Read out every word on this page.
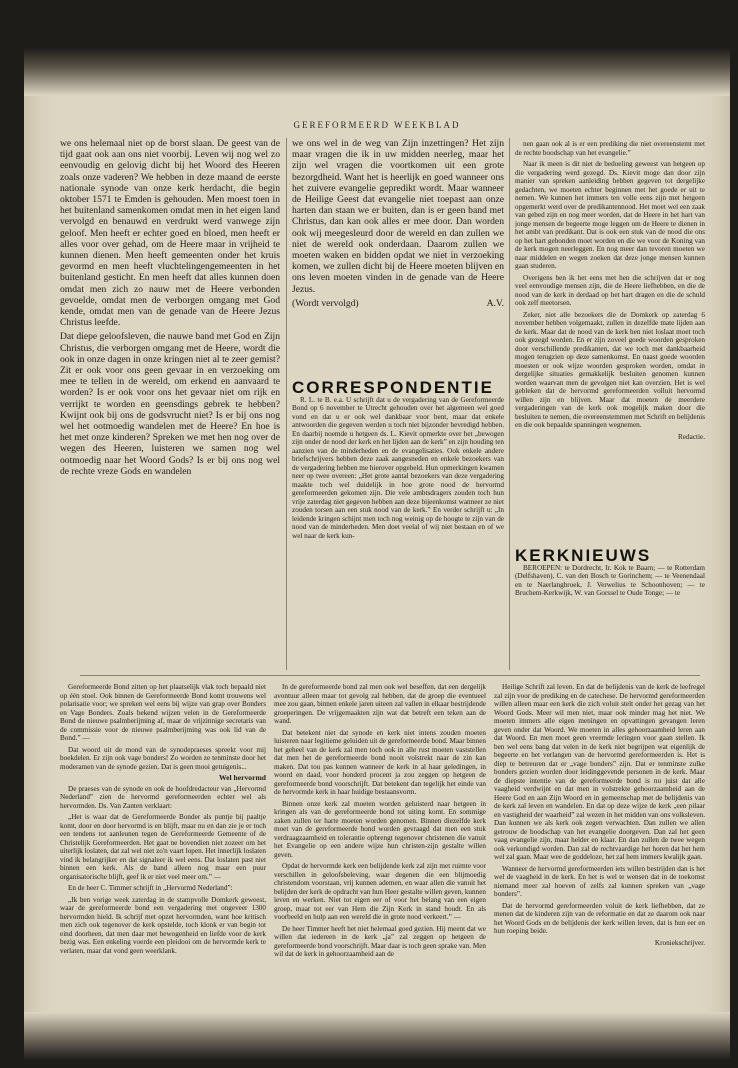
GEREFORMEERD WEEKBLAD

we ons helemaal niet op de borst slaan. De geest van de tijd gaat ook aan ons niet voorbij. Leven wij nog wel zo eenvoudig en gelovig dicht bij het Woord des Heeren zoals onze vaderen? We hebben in deze maand de eerste nationale synode van onze kerk herdacht, die begin oktober 1571 te Emden is gehouden. Men moest toen in het buitenland samenkomen omdat men in het eigen land vervolgd en benauwd en verdrukt werd vanwege zijn geloof. Men heeft er echter goed en bloed, men heeft er alles voor over gehad, om de Heere maar in vrijheid te kunnen dienen. Men heeft gemeenten onder het kruis gevormd en men heeft vluchtelingengemeenten in het buitenland gesticht. En men heeft dat alles kunnen doen omdat men zich zo nauw met de Heere verbonden gevoelde, omdat men de verborgen omgang met God kende, omdat men van de genade van de Heere Jezus Christus leefde.

Dat diepe geloofsleven, die nauwe band met God en Zijn Christus, die verborgen omgang met de Heere, wordt die ook in onze dagen in onze kringen niet al te zeer gemist? Zit er ook voor ons geen gevaar in en verzoeking om mee te tellen in de wereld, om erkend en aanvaard te worden? Is er ook voor ons het gevaar niet om rijk en verrijkt te worden en geensdings gebrek te hebben? Kwijnt ook bij ons de godsvrucht niet? Is er bij ons nog wel het ootmoedig wandelen met de Heere? En hoe is het met onze kinderen? Spreken we met hen nog over de wegen des Heeren, luisteren we samen nog wel ootmoedig naar het Woord Gods? Is er bij ons nog wel de rechte vreze Gods en wandelen

we ons wel in de weg van Zijn inzettingen? Het zijn maar vragen die ik in uw midden neerleg, maar het zijn wel vragen die voortkomen uit een grote bezorgdheid. Want het is heerlijk en goed wanneer ons het zuivere evangelie gepredikt wordt. Maar wanneer de Heilige Geest dat evangelie niet toepast aan onze harten dan staan we er buiten, dan is er geen band met Christus, dan kan ook alles er mee door. Dan worden ook wij meegesleurd door de wereld en dan zullen we niet de wereld ook onderdaan. Daarom zullen we moeten waken en bidden opdat we niet in verzoeking komen, we zullen dicht bij de Heere moeten blijven en ons leven moeten vinden in de genade van de Heere Jezus.

(Wordt vervolgd)	A.V.

CORRESPONDENTIE

R. L. te B. e.a. U schrijft dat u de vergadering van de Gereformeerde Bond op 6 november te Utrecht gehouden over het algemeen wel goed vond en dat u er ook wel dankbaar voor bent, maar dat enkele antwoorden die gegeven werden u toch niet bijzonder bevredigd hebben. En daarbij noemde u hetgeen ds. L. Kievit opmerkte over het „bewogen zijn onder de nood der kerk en het lijden aan de kerk” en zijn houding ten aanzien van de minderheden en de evangelisaties. Ook enkele andere briefschrijvers hebben deze zaak aangesneden en enkele bezoekers van de vergadering hebben me hierover opgebeld. Hun opmerkingen kwamen neer op twee overeen: „Het grote aantal bezoekers van deze vergadering maakte toch wel duidelijk in hoe grote nood de hervormd gereformeerden gekomen zijn. Die vele ambtsdragers zouden toch hun vrije zaterdag niet gegeven hebben aan deze bijeenkomst wanneer ze niet zouden torsen aan een stuk nood van de kerk.” En verder schrijft u: „In leidende kringen schijnt men toch nog weinig op de hoogte te zijn van de nood van de minderheden. Men doet veelal of wij niet bestaan en of we wel naar de kerk kun-

nen gaan ook al is er een prediking die niet overeenstemt met de rechte boodschap van het evangelie.”

Naar ik meen is dit niet de bedoeling geweest van hetgeen op die vergadering werd gezegd. Ds. Kievit moge dan door zijn manier van spreken aanleiding hebben gegeven tot dergelijke gedachten, we moeten echter beginnen met het goede er uit te nemen. We kunnen het immers ten volle eens zijn met hetgeen opgemerkt werd over de predikantennood. Het moet wel een zaak van gebed zijn en nog meer worden, dat de Heere in het hart van jonge mensen de begeerte moge leggen om de Heere te dienen in het ambt van predikant. Dat is ook een stuk van de nood die ons op het hart gebonden moet worden en die we voor de Koning van de kerk mogen neerleggen. En nog meer dan tevoren moeten we naar middelen en wegen zoeken dat deze jonge mensen kunnen gaan studeren.

Overigens ben ik het eens met hen die schrijven dat er nog veel eenvoudige mensen zijn, die de Heere liefhebben, en die de nood van de kerk in derdaad op het hart dragen en die de schuld ook zelf meetorsen.

Zeker, niet alle bezoekers die de Domkerk op zaterdag 6 november hebben volgemaakt, zullen in dezelfde mate lijden aan de kerk. Maar dat de nood van de kerk hen niet loslaat moet toch ook gezegd worden. En er zijn zoveel goede woorden gesproken door verschillende predikanten, dat we toch met dankbaarheid mogen terugzien op deze samenkomst. En naast goede woorden moesten er ook wijze woorden gesproken worden, omdat in dergelijke situaties gemakkelijk besluiten genomen kunnen worden waarvan men de gevolgen niet kan overzien. Het is wel gebleken dat de hervormd gereformeerden volluit hervormd willen zijn en blijven. Maar dat moeten de meerdere vergaderingen van de kerk ook mogelijk maken door die besluiten te nemen, die overeenstemmen met Schrift en belijdenis en die ook bepaalde spanningen wegnemen.

Redactie.

KERKNIEUWS

BEROEPEN: te Dordrecht, Ir. Kok te Baarn; — te Rotterdam (Delfshaven), C. van den Bosch te Gorinchem; — te Veenendaal en te Naerlangbroek, J. Verwelius te Schoonhoven; — te Bruchem-Kerkwijk, W. van Gorssel te Oude Tonge; — te

Gereformeerde Bond zitten op het plaatselijk vlak toch bepaald niet op één stoel. Ook binnen de Gereformeerde Bond komt trouwens wel polarisatie voor; we spreken wel eens bij wijze van grap over Bonders en Vage Bonders. Zoals bekend wijzen velen in de Gereformeerde Bond de nieuwe psalmberijming af, maar de vrijzinnige secretaris van de commissie voor de nieuwe psalmberijming was ook lid van de Bond.” —

Dat woord uit de mond van de synodepraeses spreekt voor mij boekdelen. Er zijn ook vage bonders! Zo worden ze tenminste door het moderamen van de synode gezien. Dat is geen mooi getuigenis...

Wel hervormd

De praeses van de synode en ook de hoofdredacteur van „Hervormd Nederland” zien de hervormd gereformeerden echter wel als hervormden. Ds. Van Zanten verklaart:

„Het is waar dat de Gereformeerde Bonder als puntje bij paaltje komt, door en door hervormd is en blijft, maar nu en dan zie je er toch een tendens tot aanleunen tegen de Gereformeerde Gemeente of de Christelijk Gereformeerden. Het gaat ne bovendien niet zozeer om het uiterlijk loslaten, dat zal wel niet zo'n vaart lopen. Het innerlijk loslaten vind ik belangrijker en dat signaleer ik wel eens. Dat loslaten past niet binnen een kerk. Als de band alleen nog maar een puur organisatorische blijft, geef ik er niet veel meer om.” —

En de heer C. Timmer schrijft in „Hervormd Nederland”:

„Ik ben vorige week zaterdag in de stampvolle Domkerk geweest, waar de gereformeerde bond een vergadering met ongeveer 1300 hervormden hield. Ik schrijf met opzet hervormden, want hoe kritisch men zich ook tegenover de kerk opstelde, toch klonk er van begin tot eind doorheen, dat men daar met bewogenheid en liefde voor de kerk bezig was. Een enkeling voerde een pleidooi om de hervormde kerk te verlaten, maar dat vond geen weerklank.

In de gereformeerde bond zal men ook wel beseffen, dat een dergelijk avontuur alleen maar tot gevolg zal hebben, dat de groep die eventueel mee zou gaan, binnen enkele jaren uiteen zal vallen in elkaar bestrijdende groeperingen. De vrijgemaakten zijn wat dat betreft een teken aan de wand.

Dat betekent niet dat synode en kerk niet intens zouden moeten luisteren naar legitieme geluiden uit de gereformeerde bond. Maar binnen het geheel van de kerk zal men toch ook in alle rust moeten vaststellen dat men het de gereformeerde bond nooit volstrekt naar de zin kan maken. Dat tou pas kunnen wanneer de kerk in al haar geledingen, in woord en daad, voor honderd procent ja zou zeggen op hetgeen de gereformeerde bond voorschrijft. Dat betekent dan tegelijk het einde van de hervormde kerk in haar huidige bestaansvorm.

Binnen onze kerk zal moeten worden geluisterd naar hetgeen in kringen als van de gereformeerde bond tot uiting komt. En sommige zaken zullen ter harte moeten worden genomen. Binnen diezelfde kerk moet van de gereformeerde bond worden gevraagd dat men een stuk verdraagzaamheid en tolerantie opbrengt tegenover christenen die vanuit het Evangelie op een andere wijze hun christen-zijn gestalte willen geven.

Opdat de hervormde kerk een belijdende kerk zal zijn met ruimte voor verschillen in geloofsbeleving, waar degenen die een blijmoedig christendom voorstaan, vrij kunnen ademen, en waar allen die vanuit het belijden der kerk de opdracht van hun Heer gestalte willen geven, kunnen leven en werken. Niet tot eigen eer of voor het belang van een eigen groep, maar tot eer van Hem die Zijn Kerk in stand houdt. En als voorbeeld en hulp aan een wereld die in grote nood verkeert.” —

De heer Timmer heeft het niet helemaal goed gezien. Hij meent dat we willen dat iedereen in de kerk „ja” zal zeggen op hetgeen de gereformeerde bond voorschrijft. Maar daar is toch geen sprake van. Men wil dat de kerk in gehoorzaamheid aan de

Heilige Schrift zal leven. En dat de belijdenis van de kerk de leefregel zal zijn voor de prediking en de catechese. De hervormd gereformeerden willen alleen maar een kerk die zich voluit stelt onder het gezag van het Woord Gods. Meer wil men niet, maar ook minder mag het niet. We moeten immers alle eigen meningen en opvattingen gevangen leren geven onder dat Woord. We moeten in alles gehoorzaamheid leren aan dat Woord. En men moet geen vreemde leringen voor gaan stellen. Ik ben wel eens bang dat velen in de kerk niet begrijpen wat eigenlijk de begeerte en het verlangen van de hervormd gereformeerden is. Het is diep te betreuren dat er „vage bonders” zijn. Dat er tenminste zulke bonders gezien worden door leidinggevende personen in de kerk. Maar de diepste intentie van de gereformeerde bond is nu juist dat alle vaagheid verdwijnt en dat men in volstrekte gehoorzaamheid aan de Heere God en aan Zijn Woord en in gemeenschap met de belijdenis van de kerk zal leven en wandelen. En dat op deze wijze de kerk „een pilaar en vastigheid der waarheid” zal wezen in het midden van ons volksleven. Dan kunnen we als kerk ook zegen verwachten. Dan zullen we allen getrouw de boodschap van het evangelie doorgeven. Dan zal het geen vaag evangelie zijn, maar helder en klaar. En dan zullen de twee wegen ook verkondigd worden. Dan zal de rechtvaardige het horen dat het hem wel zal gaan. Maar wee de goddeloze, het zal hem immers kwalijk gaan.

Wanneer de hervormd gereformeerden iets willen bestrijden dan is het wel de vaagheid in de kerk. En het is wel te wensen dat in de toekomst niemand meer zal hoeven of zelfs zal kunnen spreken van „vage bonders”.

Dat de hervormd gereformeerden voluit de kerk liefhebben, dat ze menen dat de kinderen zijn van de reformatie en dat ze daarom ook naar het Woord Gods en de belijdenis der kerk willen leven, dat is hun eer en hun roeping beide.

Kroniekschrijver.
